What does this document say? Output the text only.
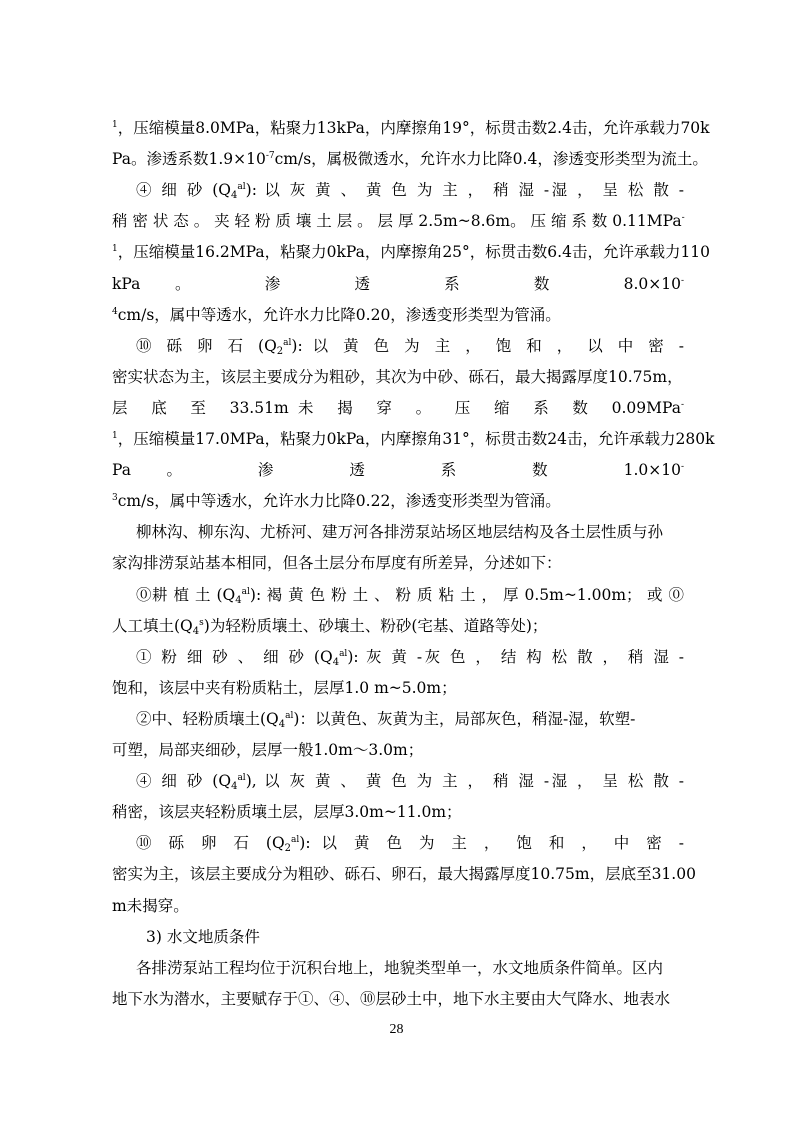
$^1$，压缩模量8.0MPa，粘聚力13kPa，内摩擦角19°，标贯击数2.4击，允许承载力70k
Pa。渗透系数$1.9\times 10^{-7}cm/s$，属极微透水，允许水力比降0.4，渗透变形类型为流土。
④ 细 砂 $(Q_4^{al})$: 以 灰 黄 、 黄 色 为 主 ， 稍 湿 -湿 ， 呈 松 散 -
稍 密 状 态 。 夹 轻 粉 质 壤 土 层 。 层 厚 2.5m~8.6m。 压 缩 系 数 0.11MPa-
$^1$，压缩模量16.2MPa，粘聚力0kPa，内摩擦角25°，标贯击数6.4击，允许承载力110
kPa。 渗 透 系 数 8.0×10-
$^4$cm/s，属中等透水，允许水力比降0.20，渗透变形类型为管涌。
⑩ 砾 卵 石 $(Q_2^{al})$: 以 黄 色 为 主 ， 饱 和 ， 以 中 密 -
密实状态为主，该层主要成分为粗砂，其次为中砂、砾石，最大揭露厚度10.75m，
层 底 至 33.51m未 揭 穿 。 压 缩 系 数 0.09MPa-
$^1$，压缩模量17.0MPa，粘聚力0kPa，内摩擦角31°，标贯击数24击，允许承载力280k
Pa。 渗 透 系 数 1.0×10-
$^3$cm/s，属中等透水，允许水力比降0.22，渗透变形类型为管涌。
柳林沟、柳东沟、尤桥河、建万河各排涝泵站场区地层结构及各土层性质与孙
家沟排涝泵站基本相同，但各土层分布厚度有所差异，分述如下：
⓪耕 植 土 $(Q_4^{al})$: 褐 黄 色 粉 土 、 粉 质 粘 土 ， 厚 0.5m~1.00m； 或 ⓪
人工填土$(Q_4^s)$为轻粉质壤土、砂壤土、粉砂(宅基、道路等处)；
① 粉 细 砂 、 细 砂 $(Q_4^{al})$: 灰 黄 -灰 色 ， 结 构 松 散 ， 稍 湿 -
饱和，该层中夹有粉质粘土，层厚1.0 m~5.0m；
②中、轻粉质壤土$(Q_4^{al})$：以黄色、灰黄为主，局部灰色，稍湿-湿，软塑-
可塑，局部夹细砂，层厚一般1.0m～3.0m；
④ 细 砂 $(Q_4^{al})$, 以 灰 黄 、 黄 色 为 主 ， 稍 湿 -湿 ， 呈 松 散 -
稍密，该层夹轻粉质壤土层，层厚3.0m~11.0m；
⑩ 砾 卵 石 $(Q_2^{al})$: 以 黄 色 为 主 ， 饱 和 ， 中 密 -
密实为主，该层主要成分为粗砂、砾石、卵石，最大揭露厚度10.75m，层底至31.00
m未揭穿。
3) 水文地质条件
各排涝泵站工程均位于沉积台地上，地貌类型单一，水文地质条件简单。区内
地下水为潜水，主要赋存于①、④、⑩层砂土中，地下水主要由大气降水、地表水
28
